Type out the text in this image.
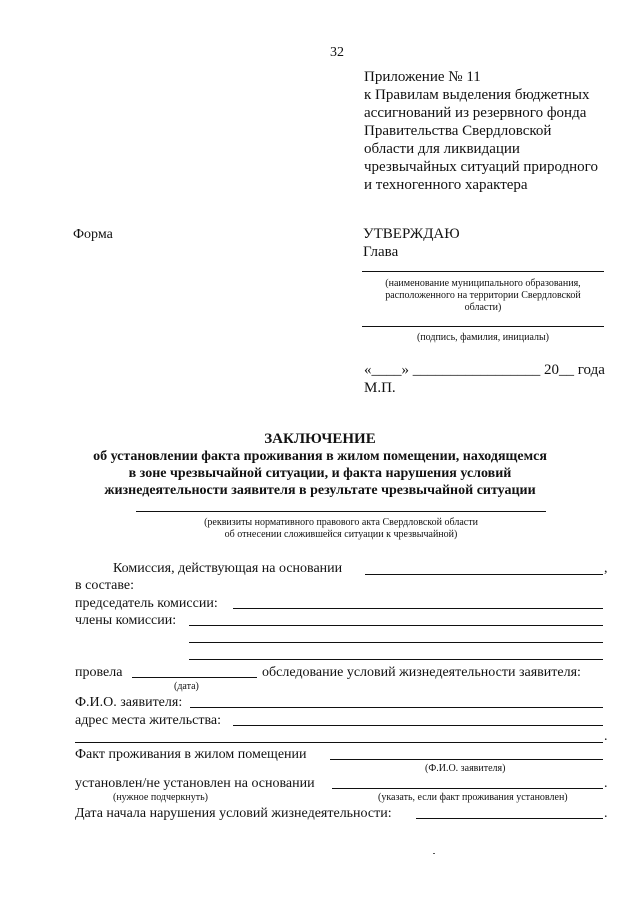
32
Приложение № 11
к Правилам выделения бюджетных
ассигнований из резервного фонда
Правительства Свердловской
области для ликвидации
чрезвычайных ситуаций природного
и техногенного характера
Форма	УТВЕРЖДАЮ
Глава
(наименование муниципального образования,
расположенного на территории Свердловской
области)
(подпись, фамилия, инициалы)
«____» _________________ 20__ года
М.П.
ЗАКЛЮЧЕНИЕ
об установлении факта проживания в жилом помещении, находящемся
в зоне чрезвычайной ситуации, и факта нарушения условий
жизнедеятельности заявителя в результате чрезвычайной ситуации
(реквизиты нормативного правового акта Свердловской области
об отнесении сложившейся ситуации к чрезвычайной)
Комиссия, действующая на основании	,
в составе:
председатель комиссии:
члены комиссии:
провела	обследование условий жизнедеятельности заявителя:
(дата)
Ф.И.О. заявителя:
адрес места жительства:
.
Факт проживания в жилом помещении
(Ф.И.О. заявителя)
установлен/не установлен на основании	.
(нужное подчеркнуть)	(указать, если факт проживания установлен)
Дата начала нарушения условий жизнедеятельности:	.
